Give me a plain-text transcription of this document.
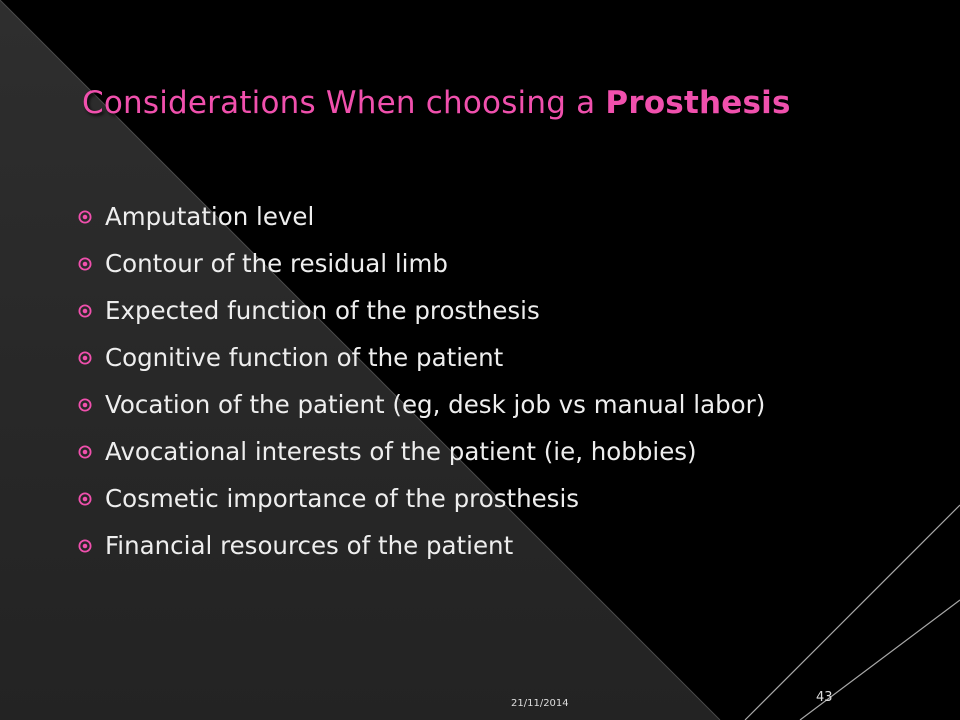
Considerations When choosing a Prosthesis
Amputation level
Contour of the residual limb
Expected function of the prosthesis
Cognitive function of the patient
Vocation of the patient (eg, desk job vs manual labor)
Avocational interests of the patient (ie, hobbies)
Cosmetic importance of the prosthesis
Financial resources of the patient
21/11/2014	43
